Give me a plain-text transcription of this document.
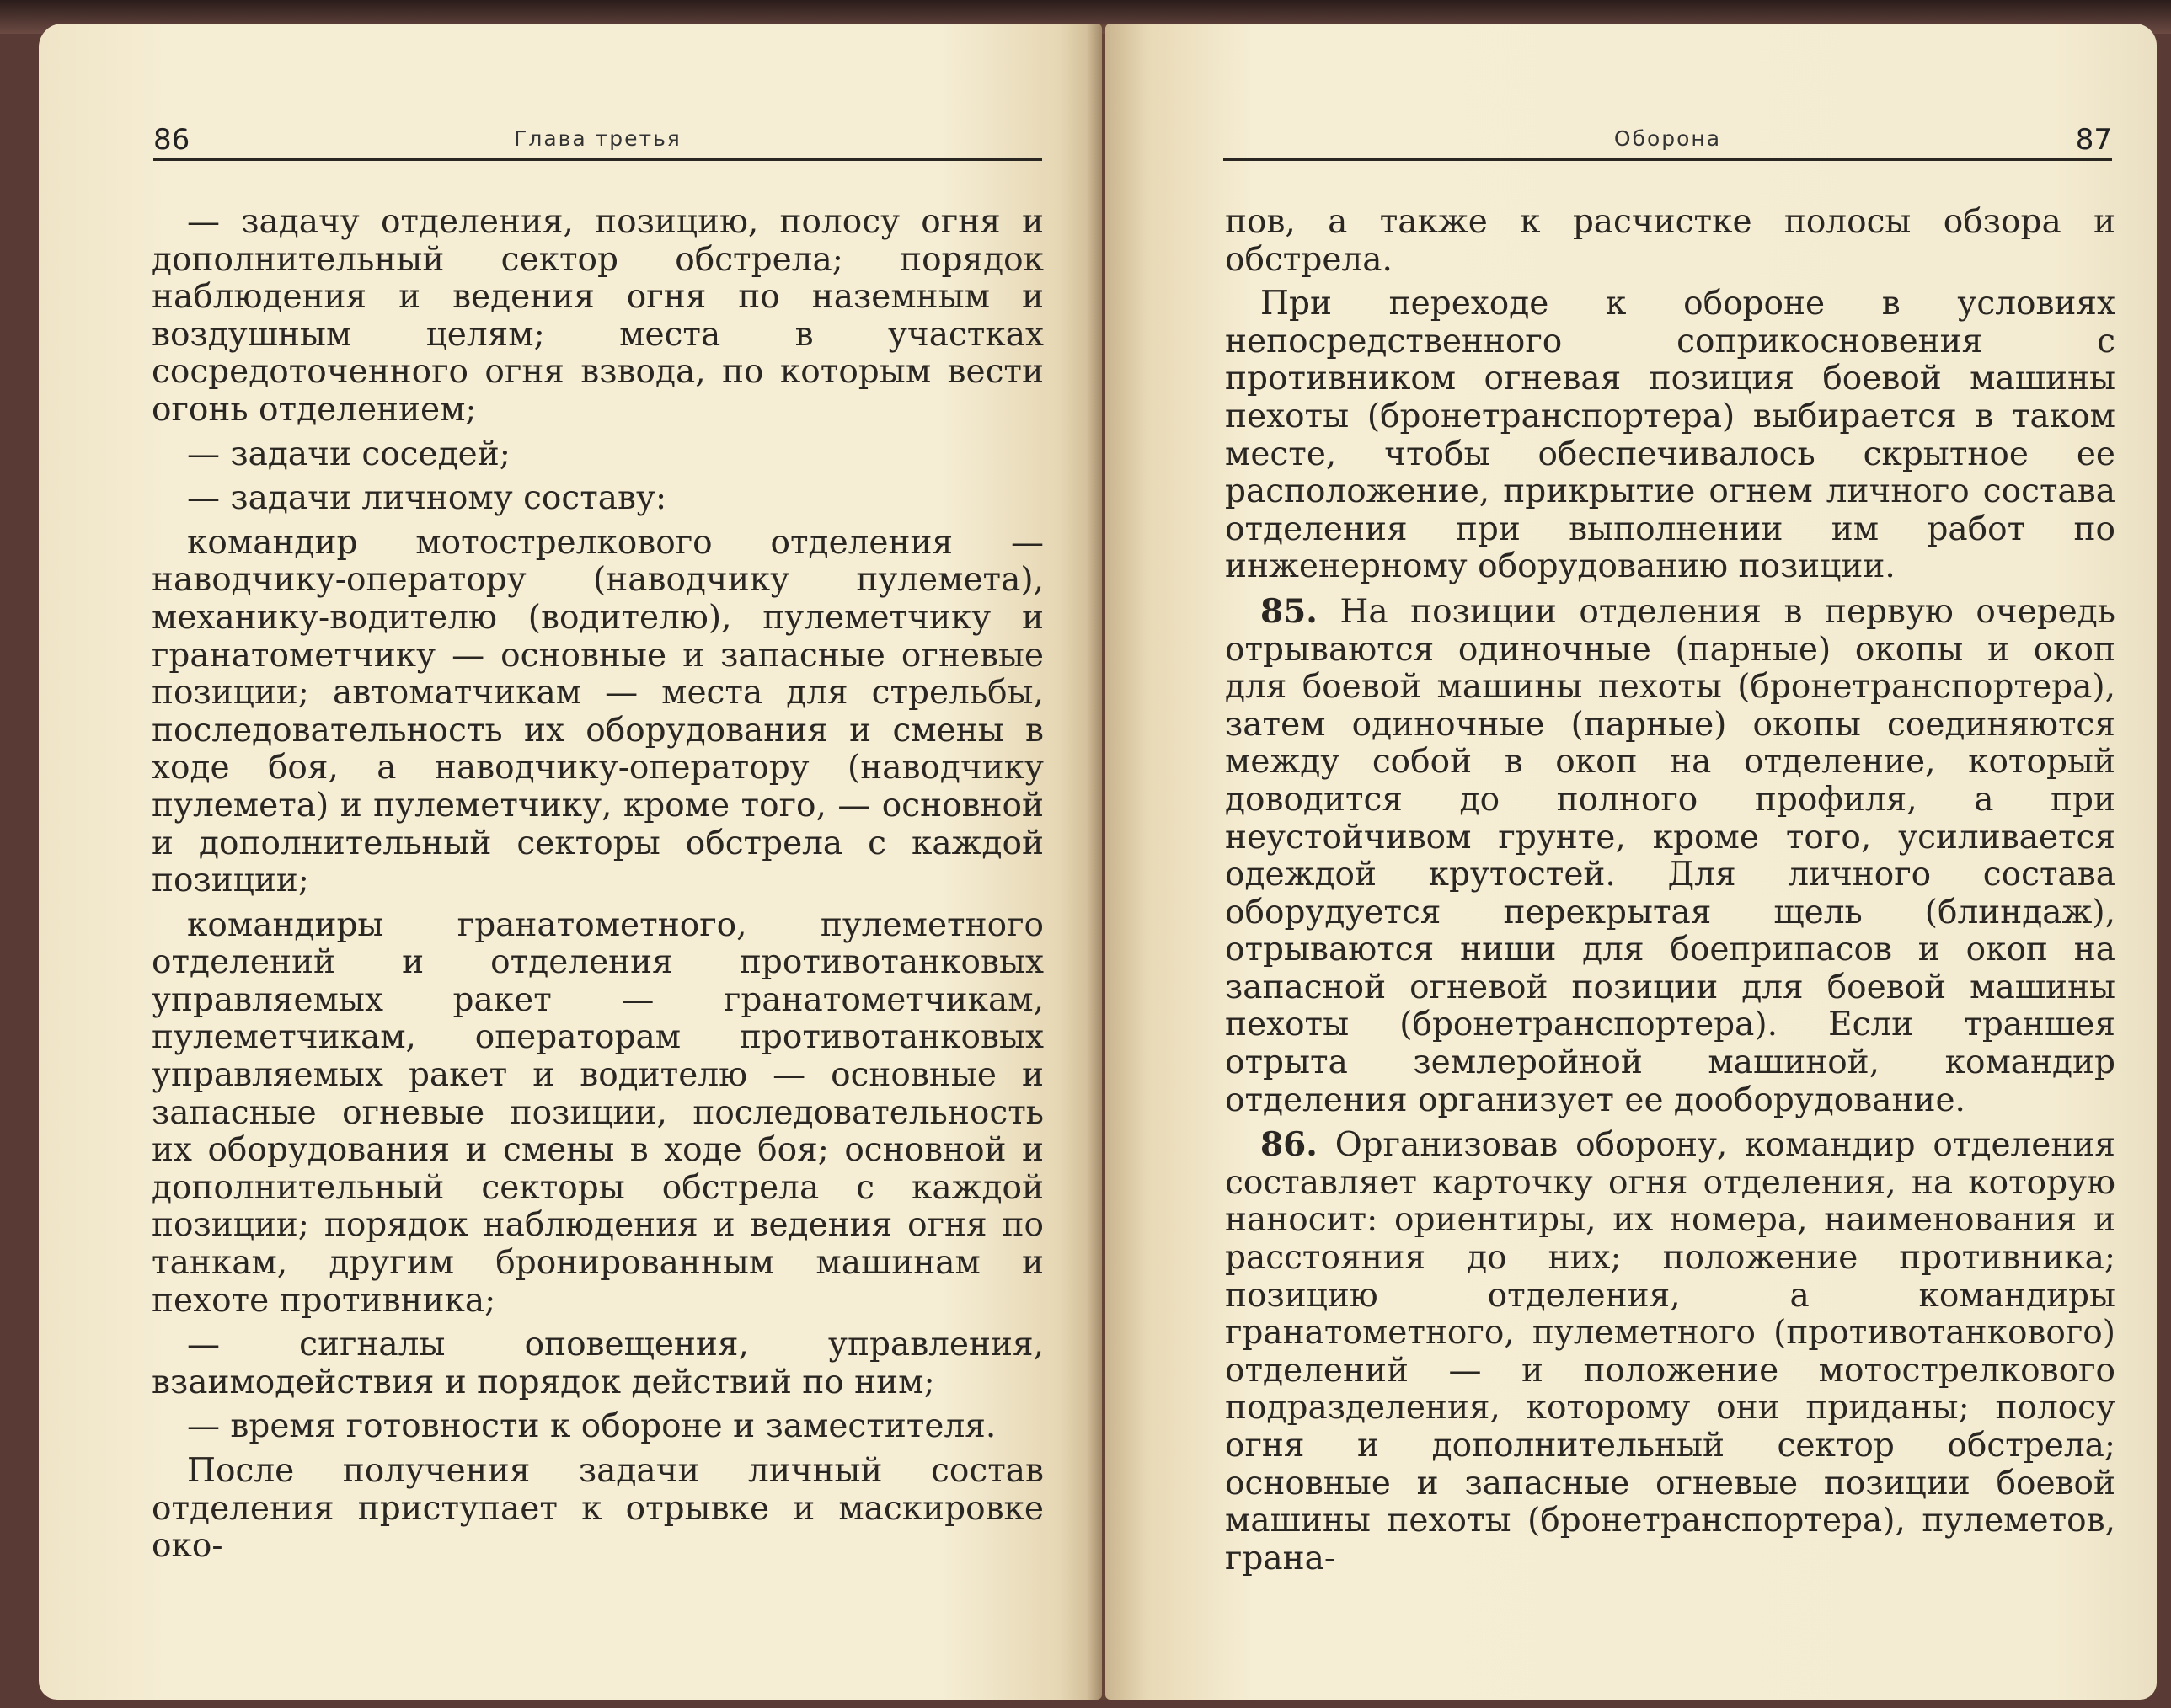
86	Глава третья

— задачу отделения, позицию, полосу огня и дополнительный сектор обстрела; порядок наблюдения и ведения огня по наземным и воздушным целям; места в участках сосредоточенного огня взвода, по которым вести огонь отделением;

— задачи соседей;

— задачи личному составу:

командир мотострелкового отделения — наводчику-оператору (наводчику пулемета), механику-водителю (водителю), пулеметчику и гранатометчику — основные и запасные огневые позиции; автоматчикам — места для стрельбы, последовательность их оборудования и смены в ходе боя, а наводчику-оператору (наводчику пулемета) и пулеметчику, кроме того, — основной и дополнительный секторы обстрела с каждой позиции;

командиры гранатометного, пулеметного отделений и отделения противотанковых управляемых ракет — гранатометчикам, пулеметчикам, операторам противотанковых управляемых ракет и водителю — основные и запасные огневые позиции, последовательность их оборудования и смены в ходе боя; основной и дополнительный секторы обстрела с каждой позиции; порядок наблюдения и ведения огня по танкам, другим бронированным машинам и пехоте противника;

— сигналы оповещения, управления, взаимодействия и порядок действий по ним;

— время готовности к обороне и заместителя.

После получения задачи личный состав отделения приступает к отрывке и маскировке око-

Оборона	87

пов, а также к расчистке полосы обзора и обстрела.

При переходе к обороне в условиях непосредственного соприкосновения с противником огневая позиция боевой машины пехоты (бронетранспортера) выбирается в таком месте, чтобы обеспечивалось скрытное ее расположение, прикрытие огнем личного состава отделения при выполнении им работ по инженерному оборудованию позиции.

85. На позиции отделения в первую очередь отрываются одиночные (парные) окопы и окоп для боевой машины пехоты (бронетранспортера), затем одиночные (парные) окопы соединяются между собой в окоп на отделение, который доводится до полного профиля, а при неустойчивом грунте, кроме того, усиливается одеждой крутостей. Для личного состава оборудуется перекрытая щель (блиндаж), отрываются ниши для боеприпасов и окоп на запасной огневой позиции для боевой машины пехоты (бронетранспортера). Если траншея отрыта землеройной машиной, командир отделения организует ее дооборудование.

86. Организовав оборону, командир отделения составляет карточку огня отделения, на которую наносит: ориентиры, их номера, наименования и расстояния до них; положение противника; позицию отделения, а командиры гранатометного, пулеметного (противотанкового) отделений — и положение мотострелкового подразделения, которому они приданы; полосу огня и дополнительный сектор обстрела; основные и запасные огневые позиции боевой машины пехоты (бронетранспортера), пулеметов, грана-
